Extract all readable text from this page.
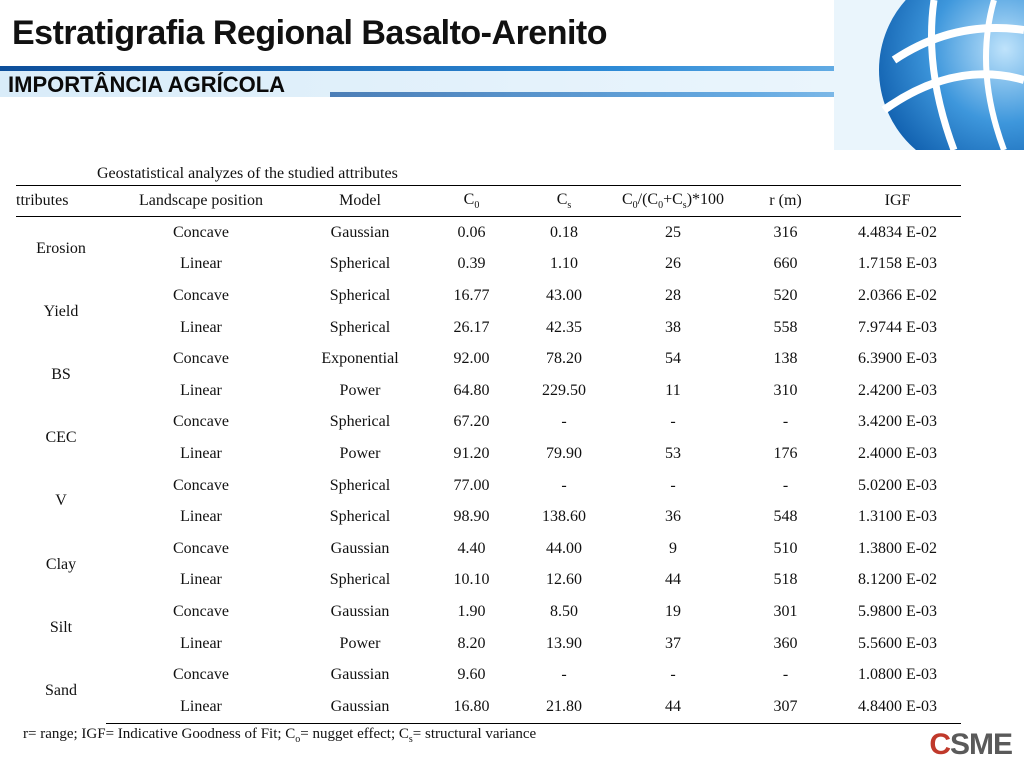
Estratigrafia Regional Basalto-Arenito
IMPORTÂNCIA AGRÍCOLA
Geostatistical analyzes of the studied attributes
ttributes	Landscape position	Model	$C_0$	$C_s$	$C_0/(C_0+C_s)*100$	r (m)	IGF
Erosion	Concave	Gaussian	0.06	0.18	25	316	4.4834 E-02
	Linear	Spherical	0.39	1.10	26	660	1.7158 E-03
Yield	Concave	Spherical	16.77	43.00	28	520	2.0366 E-02
	Linear	Spherical	26.17	42.35	38	558	7.9744 E-03
BS	Concave	Exponential	92.00	78.20	54	138	6.3900 E-03
	Linear	Power	64.80	229.50	11	310	2.4200 E-03
CEC	Concave	Spherical	67.20	-	-	-	3.4200 E-03
	Linear	Power	91.20	79.90	53	176	2.4000 E-03
V	Concave	Spherical	77.00	-	-	-	5.0200 E-03
	Linear	Spherical	98.90	138.60	36	548	1.3100 E-03
Clay	Concave	Gaussian	4.40	44.00	9	510	1.3800 E-02
	Linear	Spherical	10.10	12.60	44	518	8.1200 E-02
Silt	Concave	Gaussian	1.90	8.50	19	301	5.9800 E-03
	Linear	Power	8.20	13.90	37	360	5.5600 E-03
Sand	Concave	Gaussian	9.60	-	-	-	1.0800 E-03
	Linear	Gaussian	16.80	21.80	44	307	4.8400 E-03
r= range; IGF= Indicative Goodness of Fit; $C_o=$ nugget effect; $C_s=$ structural variance	CSME
